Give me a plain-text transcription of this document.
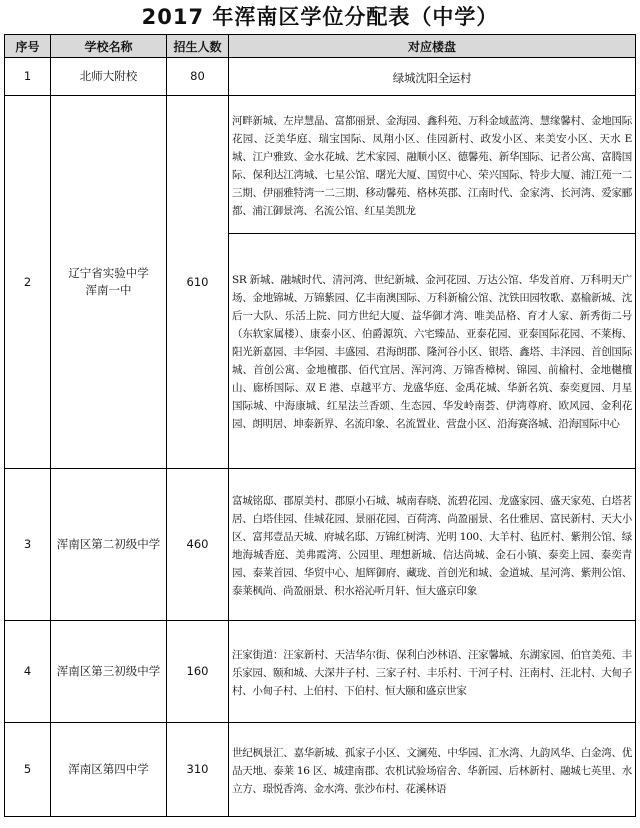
2017 年浑南区学位分配表（中学）
序号	学校名称	招生人数	对应楼盘
1	北师大附校	80	绿城沈阳全运村
2	辽宁省实验中学浑南一中	610	河畔新城、左岸慧晶、富都丽景、金海园、鑫科苑、万科金域蓝湾、慧缘馨村、金地国际花园、泛美华庭、瑞宝国际、凤翔小区、佳园新村、政发小区、来美安小区、天水 E 城、江户雅致、金水花城、艺术家园、融顺小区、德馨苑、新华国际、记者公寓、富腾国际、保利达江湾城、七星公馆、曙光大厦、国贸中心、荣兴国际、特步大厦、浦江苑一二三期、伊丽雅特湾一二三期、移动馨苑、格林英郡、江南时代、金家湾、长河湾、爱家郦都、浦江御景湾、名流公馆、红星美凯龙
			SR 新城、融城时代、清河湾、世纪新城、金河花园、万达公馆、华发首府、万科明天广场、金地锦城、万锦紫园、亿丰南澳国际、万科新榆公馆、沈铁田园牧歌、嘉榆新城、沈后一大队、乐活上院、同方世纪大厦、益华御才湾、唯美品格、育才人家、新秀街二号（东软家属楼）、康泰小区、伯爵源筑、六宅臻品、亚泰花园、亚泰国际花园、不莱梅、阳光新嘉园、丰华园、丰盛园、君海朗郡、隆河谷小区、银塔、鑫塔、丰泽园、首创国际城、首创公寓、金地檀郡、佰代宜居、浑河湾、万锦香樟树、锦园、前榆村、金地樾檀山、廊桥国际、双 E 港、卓越平方、龙盛华庭、金禹花城、华新名筑、泰奕夏园、月星国际城、中海康城、红星法兰香颂、生态园、华发岭南荟、伊湾尊府、欧风园、金利花园、朗明居、坤泰新界、名流印象、名流置业、营盘小区、沿海赛洛城、沿海国际中心
3	浑南区第二初级中学	460	富城铭邸、郡原美村、郡原小石城、城南春晓、流碧花园、龙盛家园、盛天家苑、白塔茗居、白塔佳园、佳城花园、景丽花园、百荷湾、尚盈丽景、名仕雅居、富民新村、天大小区、富邦壹品天城、府城名邸、万锦红树湾、光明 100、大羊村、毡匠村、紫荆公馆、绿地海城香庭、美弗霞湾、公园里、理想新城、信达尚城、金石小镇、泰奕上园、泰奕青园、泰莱首园、华贸中心、旭辉御府、藏珑、首创光和城、金道城、星河湾、紫荆公馆、泰莱枫尚、尚盈丽景、积水裕沁听月轩、恒大盛京印象
4	浑南区第三初级中学	160	汪家街道：汪家新村、天洁华尔街、保利白沙林语、汪家馨城、东湖家园、伯官美苑、丰乐家园、颐和城、大深井子村、三家子村、丰乐村、干河子村、汪南村、汪北村、大甸子村、小甸子村、上伯村、下伯村、恒大颐和盛京世家
5	浑南区第四中学	310	世纪枫景汇、嘉华新城、孤家子小区、文澜苑、中华园、汇水湾、九韵风华、白金湾、优品天地、泰莱 16 区、城建南郡、农机试验场宿舍、华新园、后林新村、融城七英里、水立方、璟悦香湾、金水湾、张沙布村、花溪林语
